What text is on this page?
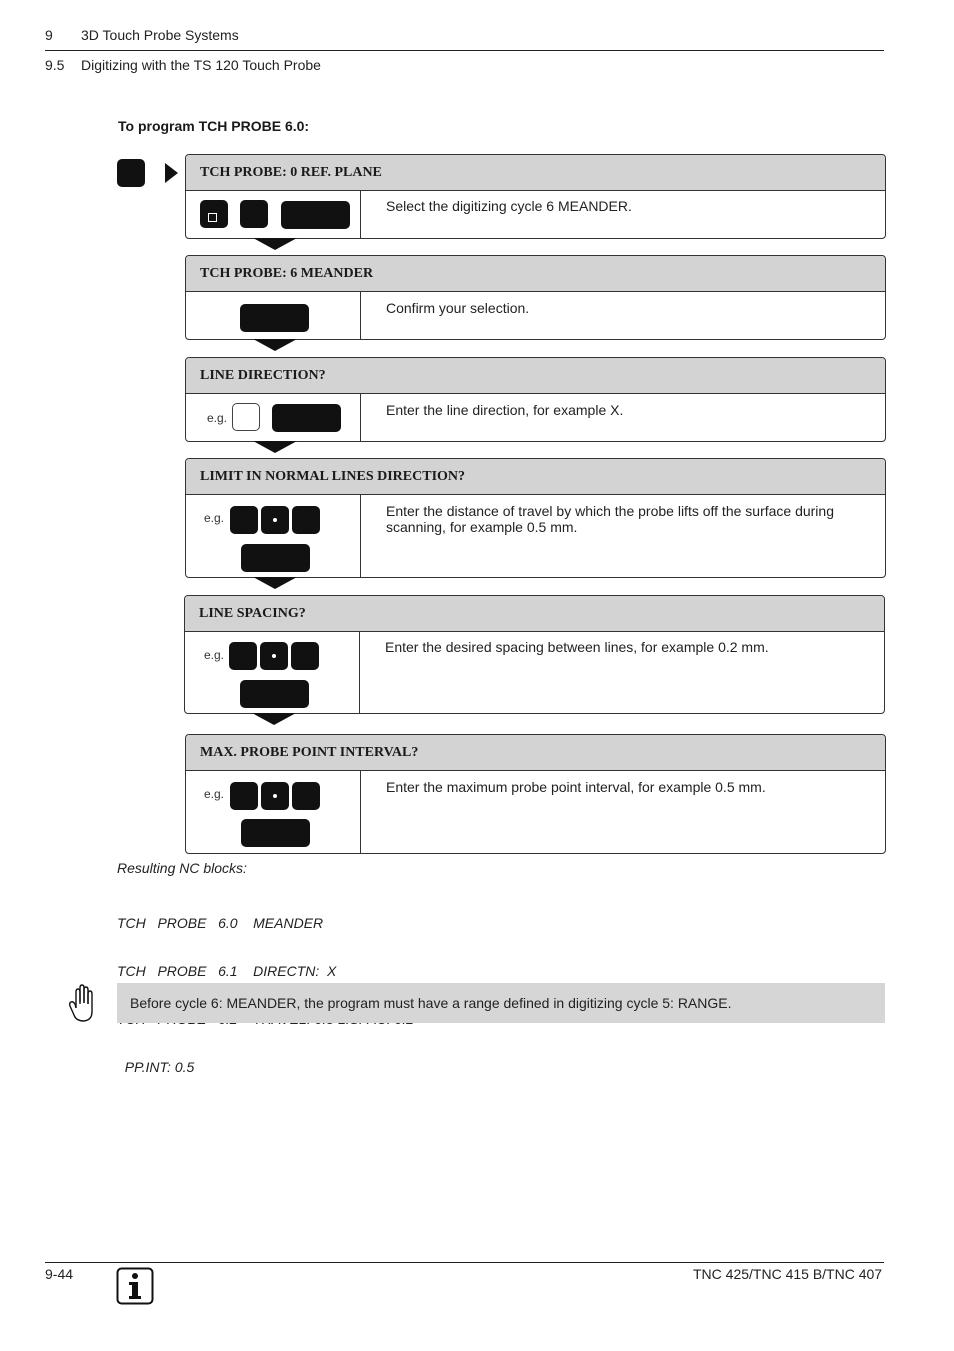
9 3D Touch Probe Systems
9.5 Digitizing with the TS 120 Touch Probe
To program TCH PROBE 6.0:
TCH PROBE: 0 REF. PLANE
Select the digitizing cycle 6 MEANDER.
TCH PROBE: 6 MEANDER
Confirm your selection.
LINE DIRECTION?
e.g.	Enter the line direction, for example X.
LIMIT IN NORMAL LINES DIRECTION?
e.g.	Enter the distance of travel by which the probe lifts off the surface during scanning, for example 0.5 mm.
LINE SPACING?
e.g.	Enter the desired spacing between lines, for example 0.2 mm.
MAX. PROBE POINT INTERVAL?
e.g.	Enter the maximum probe point interval, for example 0.5 mm.
Resulting NC blocks:

TCH   PROBE   6.0    MEANDER

TCH   PROBE   6.1    DIRECTN:  X

PP.INT: 0.5

Before cycle 6: MEANDER, the program must have a range defined in digitizing cycle 5: RANGE.
9-44	TNC 425/TNC 415 B/TNC 407
